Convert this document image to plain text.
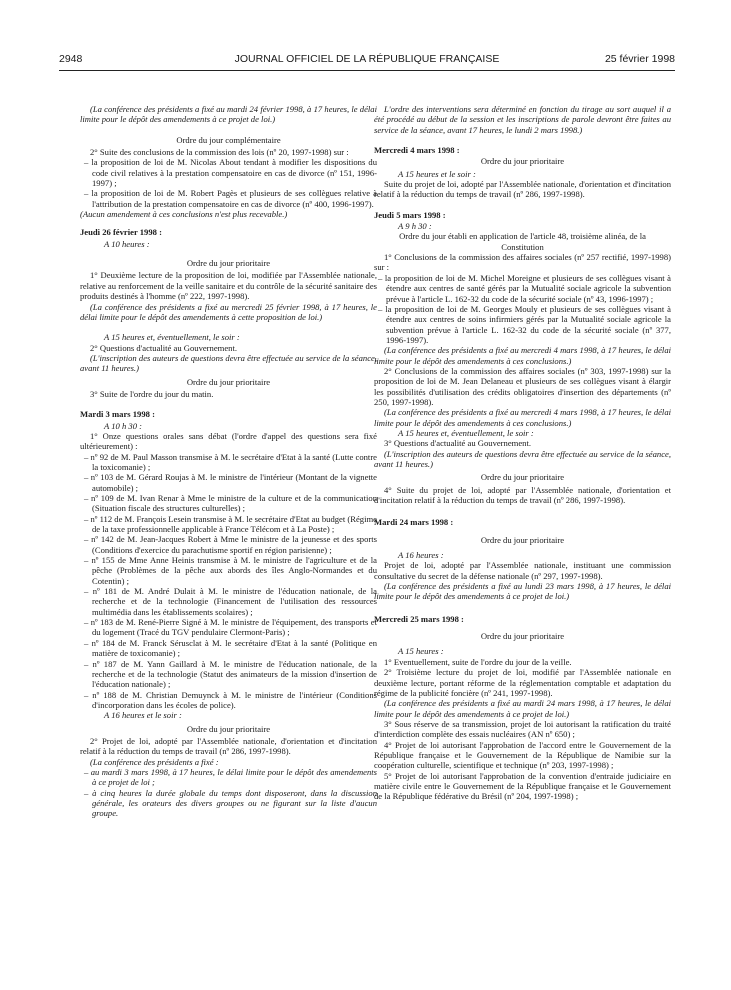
2948	JOURNAL OFFICIEL DE LA RÉPUBLIQUE FRANÇAISE	25 février 1998

(La conférence des présidents a fixé au mardi 24 février 1998, à 17 heures, le délai limite pour le dépôt des amendements à ce projet de loi.)

Ordre du jour complémentaire

2° Suite des conclusions de la commission des lois (nº 20, 1997-1998) sur :

– la proposition de loi de M. Nicolas About tendant à modifier les dispositions du code civil relatives à la prestation compensatoire en cas de divorce (nº 151, 1996-1997) ;

– la proposition de loi de M. Robert Pagès et plusieurs de ses collègues relative à l'attribution de la prestation compensatoire en cas de divorce (nº 400, 1996-1997).

(Aucun amendement à ces conclusions n'est plus recevable.)

Jeudi 26 février 1998 :

A 10 heures :

Ordre du jour prioritaire

1° Deuxième lecture de la proposition de loi, modifiée par l'Assemblée nationale, relative au renforcement de la veille sanitaire et du contrôle de la sécurité sanitaire des produits destinés à l'homme (nº 222, 1997-1998).

(La conférence des présidents a fixé au mercredi 25 février 1998, à 17 heures, le délai limite pour le dépôt des amendements à cette proposition de loi.)

A 15 heures et, éventuellement, le soir :

2° Questions d'actualité au Gouvernement.

(L'inscription des auteurs de questions devra être effectuée au service de la séance, avant 11 heures.)

Ordre du jour prioritaire

3° Suite de l'ordre du jour du matin.

Mardi 3 mars 1998 :

A 10 h 30 :

1° Onze questions orales sans débat (l'ordre d'appel des questions sera fixé ultérieurement) :

– nº 92 de M. Paul Masson transmise à M. le secrétaire d'Etat à la santé (Lutte contre la toxicomanie) ;

– nº 103 de M. Gérard Roujas à M. le ministre de l'intérieur (Montant de la vignette automobile) ;

– nº 109 de M. Ivan Renar à Mme le ministre de la culture et de la communication (Situation fiscale des structures culturelles) ;

– nº 112 de M. François Lesein transmise à M. le secrétaire d'Etat au budget (Régime de la taxe professionnelle applicable à France Télécom et à La Poste) ;

– nº 142 de M. Jean-Jacques Robert à Mme le ministre de la jeunesse et des sports (Conditions d'exercice du parachutisme sportif en région parisienne) ;

– nº 155 de Mme Anne Heinis transmise à M. le ministre de l'agriculture et de la pêche (Problèmes de la pêche aux abords des îles Anglo-Normandes et du Cotentin) ;

– nº 181 de M. André Dulait à M. le ministre de l'éducation nationale, de la recherche et de la technologie (Financement de l'utilisation des ressources multimédia dans les établissements scolaires) ;

– nº 183 de M. René-Pierre Signé à M. le ministre de l'équipement, des transports et du logement (Tracé du TGV pendulaire Clermont-Paris) ;

– nº 184 de M. Franck Sérusclat à M. le secrétaire d'Etat à la santé (Politique en matière de toxicomanie) ;

– nº 187 de M. Yann Gaillard à M. le ministre de l'éducation nationale, de la recherche et de la technologie (Statut des animateurs de la mission d'insertion de l'éducation nationale) ;

– nº 188 de M. Christian Demuynck à M. le ministre de l'intérieur (Conditions d'incorporation dans les écoles de police).

A 16 heures et le soir :

Ordre du jour prioritaire

2° Projet de loi, adopté par l'Assemblée nationale, d'orientation et d'incitation relatif à la réduction du temps de travail (nº 286, 1997-1998).

(La conférence des présidents a fixé :

– au mardi 3 mars 1998, à 17 heures, le délai limite pour le dépôt des amendements à ce projet de loi ;

– à cinq heures la durée globale du temps dont disposeront, dans la discussion générale, les orateurs des divers groupes ou ne figurant sur la liste d'aucun groupe.

L'ordre des interventions sera déterminé en fonction du tirage au sort auquel il a été procédé au début de la session et les inscriptions de parole devront être faites au service de la séance, avant 17 heures, le lundi 2 mars 1998.)

Mercredi 4 mars 1998 :

Ordre du jour prioritaire

A 15 heures et le soir :

Suite du projet de loi, adopté par l'Assemblée nationale, d'orientation et d'incitation relatif à la réduction du temps de travail (nº 286, 1997-1998).

Jeudi 5 mars 1998 :

A 9 h 30 :

Ordre du jour établi en application de l'article 48, troisième alinéa, de la Constitution

1° Conclusions de la commission des affaires sociales (nº 257 rectifié, 1997-1998) sur :

– la proposition de loi de M. Michel Moreigne et plusieurs de ses collègues visant à étendre aux centres de santé gérés par la Mutualité sociale agricole la subvention prévue à l'article L. 162-32 du code de la sécurité sociale (nº 43, 1996-1997) ;

– la proposition de loi de M. Georges Mouly et plusieurs de ses collègues visant à étendre aux centres de soins infirmiers gérés par la Mutualité sociale agricole la subvention prévue à l'article L. 162-32 du code de la sécurité sociale (nº 377, 1996-1997).

(La conférence des présidents a fixé au mercredi 4 mars 1998, à 17 heures, le délai limite pour le dépôt des amendements à ces conclusions.)

2° Conclusions de la commission des affaires sociales (nº 303, 1997-1998) sur la proposition de loi de M. Jean Delaneau et plusieurs de ses collègues visant à élargir les possibilités d'utilisation des crédits obligatoires d'insertion des départements (nº 250, 1997-1998).

(La conférence des présidents a fixé au mercredi 4 mars 1998, à 17 heures, le délai limite pour le dépôt des amendements à ces conclusions.)

A 15 heures et, éventuellement, le soir :

3° Questions d'actualité au Gouvernement.

(L'inscription des auteurs de questions devra être effectuée au service de la séance, avant 11 heures.)

Ordre du jour prioritaire

4° Suite du projet de loi, adopté par l'Assemblée nationale, d'orientation et d'incitation relatif à la réduction du temps de travail (nº 286, 1997-1998).

Mardi 24 mars 1998 :

Ordre du jour prioritaire

A 16 heures :

Projet de loi, adopté par l'Assemblée nationale, instituant une commission consultative du secret de la défense nationale (nº 297, 1997-1998).

(La conférence des présidents a fixé au lundi 23 mars 1998, à 17 heures, le délai limite pour le dépôt des amendements à ce projet de loi.)

Mercredi 25 mars 1998 :

Ordre du jour prioritaire

A 15 heures :

1° Eventuellement, suite de l'ordre du jour de la veille.

2° Troisième lecture du projet de loi, modifié par l'Assemblée nationale en deuxième lecture, portant réforme de la réglementation comptable et adaptation du régime de la publicité foncière (nº 241, 1997-1998).

(La conférence des présidents a fixé au mardi 24 mars 1998, à 17 heures, le délai limite pour le dépôt des amendements à ce projet de loi.)

3° Sous réserve de sa transmission, projet de loi autorisant la ratification du traité d'interdiction complète des essais nucléaires (AN nº 650) ;

4° Projet de loi autorisant l'approbation de l'accord entre le Gouvernement de la République française et le Gouvernement de la République de Namibie sur la coopération culturelle, scientifique et technique (nº 203, 1997-1998) ;

5° Projet de loi autorisant l'approbation de la convention d'entraide judiciaire en matière civile entre le Gouvernement de la République française et le Gouvernement de la République fédérative du Brésil (nº 204, 1997-1998) ;
